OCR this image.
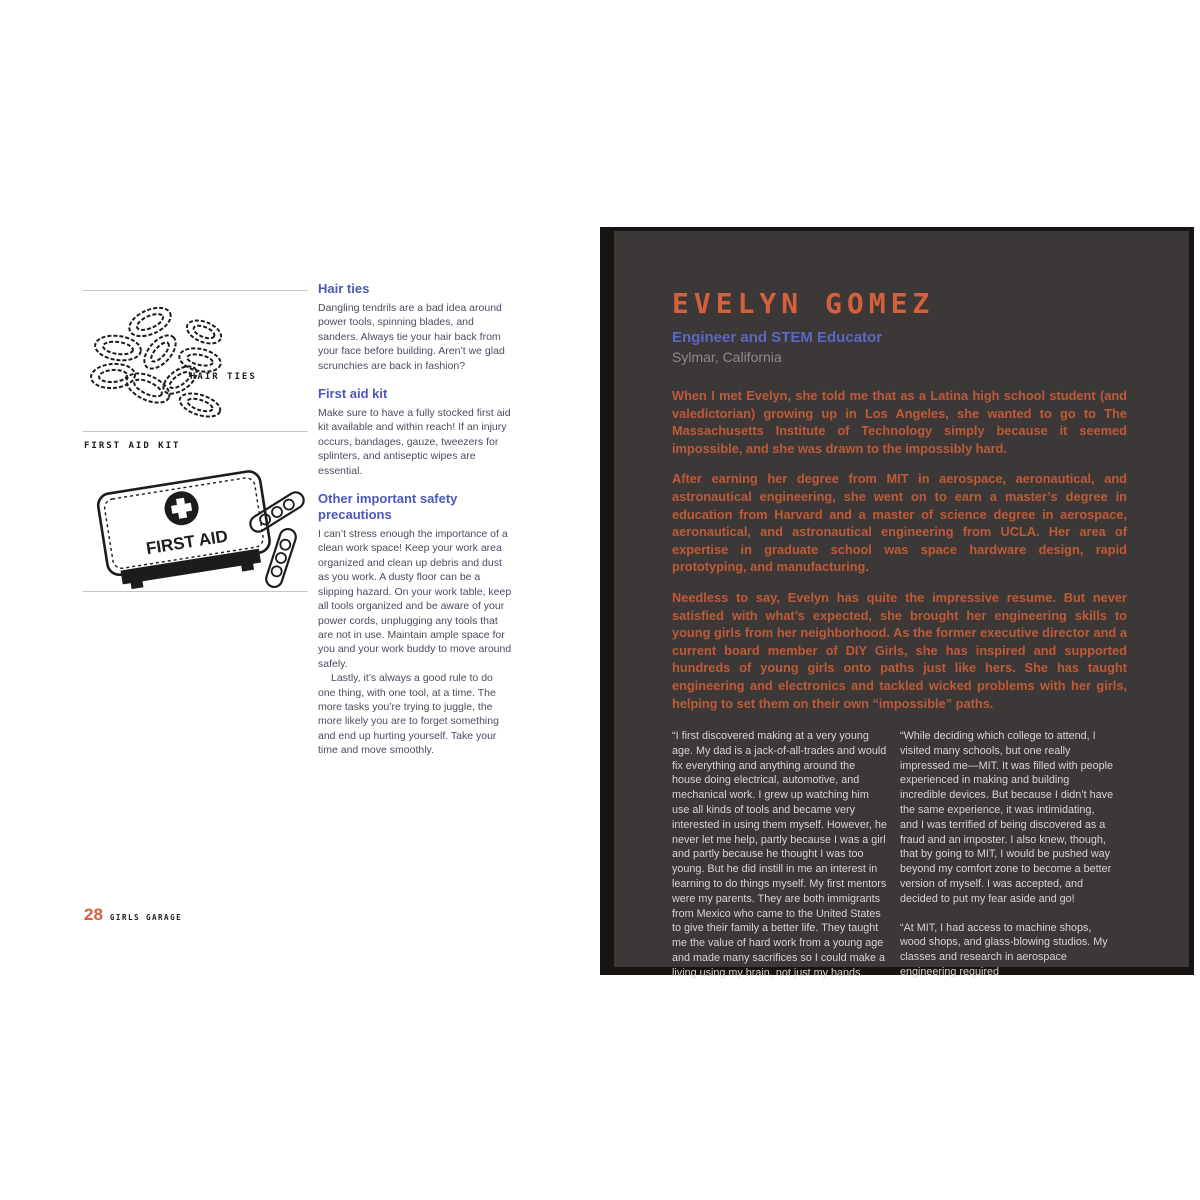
HAIR TIES
FIRST AID KIT
FIRST AID
Hair ties
Dangling tendrils are a bad idea around power tools, spinning blades, and sanders. Always tie your hair back from your face before building. Aren’t we glad scrunchies are back in fashion?
First aid kit
Make sure to have a fully stocked first aid kit available and within reach! If an injury occurs, bandages, gauze, tweezers for splinters, and antiseptic wipes are essential.
Other important safety precautions
I can’t stress enough the importance of a clean work space! Keep your work area organized and clean up debris and dust as you work. A dusty floor can be a slipping hazard. On your work table, keep all tools organized and be aware of your power cords, unplugging any tools that are not in use. Maintain ample space for you and your work buddy to move around safely.
Lastly, it’s always a good rule to do one thing, with one tool, at a time. The more tasks you’re trying to juggle, the more likely you are to forget something and end up hurting yourself. Take your time and move smoothly.
28 GIRLS GARAGE
EVELYN GOMEZ
Engineer and STEM Educator
Sylmar, California
When I met Evelyn, she told me that as a Latina high school student (and valedictorian) growing up in Los Angeles, she wanted to go to The Massachusetts Institute of Technology simply because it seemed impossible, and she was drawn to the impossibly hard.
After earning her degree from MIT in aerospace, aeronautical, and astronautical engineering, she went on to earn a master’s degree in education from Harvard and a master of science degree in aerospace, aeronautical, and astronautical engineering from UCLA. Her area of expertise in graduate school was space hardware design, rapid prototyping, and manufacturing.
Needless to say, Evelyn has quite the impressive resume. But never satisfied with what’s expected, she brought her engineering skills to young girls from her neighborhood. As the former executive director and a current board member of DIY Girls, she has inspired and supported hundreds of young girls onto paths just like hers. She has taught engineering and electronics and tackled wicked problems with her girls, helping to set them on their own “impossible” paths.
“I first discovered making at a very young age. My dad is a jack-of-all-trades and would fix everything and anything around the house doing electrical, automotive, and mechanical work. I grew up watching him use all kinds of tools and became very interested in using them myself. However, he never let me help, partly because I was a girl and partly because he thought I was too young. But he did instill in me an interest in learning to do things myself. My first mentors were my parents. They are both immigrants from Mexico who came to the United States to give their family a better life. They taught me the value of hard work from a young age and made many sacrifices so I could make a living using my brain, not just my hands.
“While deciding which college to attend, I visited many schools, but one really impressed me—MIT. It was filled with people experienced in making and building incredible devices. But because I didn’t have the same experience, it was intimidating, and I was terrified of being discovered as a fraud and an imposter. I also knew, though, that by going to MIT, I would be pushed way beyond my comfort zone to become a better version of myself. I was accepted, and decided to put my fear aside and go!
“At MIT, I had access to machine shops, wood shops, and glass-blowing studios. My classes and research in aerospace engineering required
